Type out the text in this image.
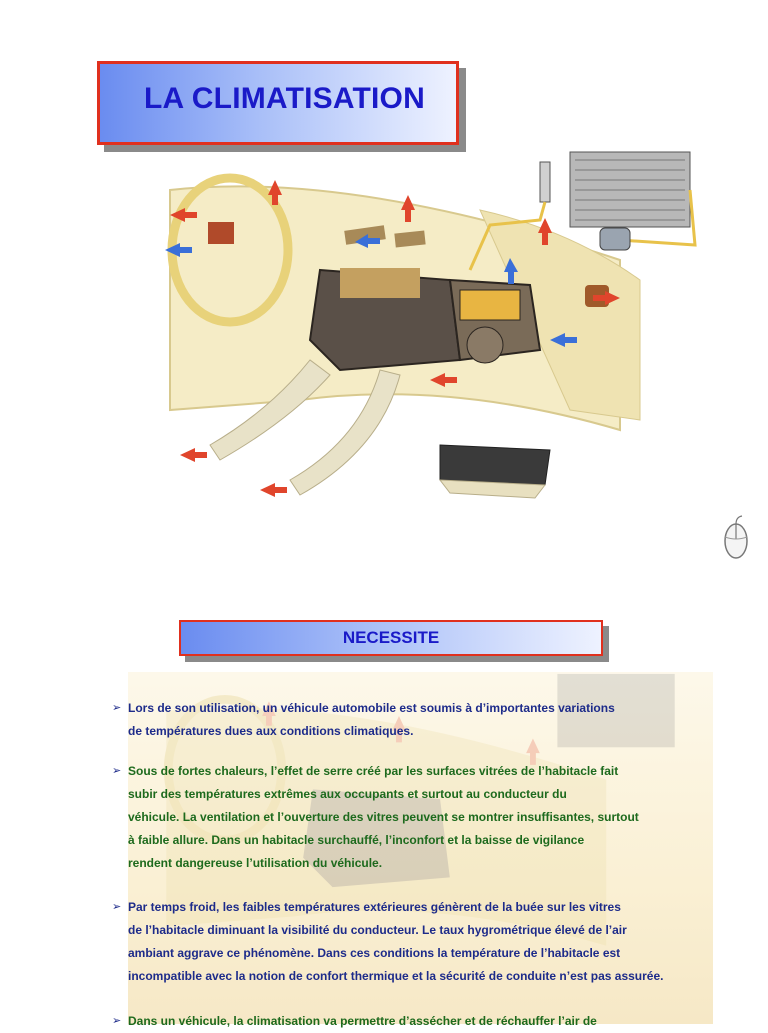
LA CLIMATISATION
NECESSITE
➢ Lors de son utilisation, un véhicule automobile est soumis à d’importantes variations
de températures dues aux conditions climatiques.
➢ Sous de fortes chaleurs, l’effet de serre créé par les surfaces vitrées de l’habitacle fait
subir des températures extrêmes aux occupants et surtout au conducteur du
véhicule. La ventilation et l’ouverture des vitres peuvent se montrer insuffisantes, surtout
à faible allure. Dans un habitacle surchauffé, l’inconfort et la baisse de vigilance
rendent dangereuse l’utilisation du véhicule.
➢ Par temps froid, les faibles températures extérieures génèrent de la buée sur les vitres
de l’habitacle diminuant la visibilité du conducteur. Le taux hygrométrique élevé de l’air
ambiant aggrave ce phénomène. Dans ces conditions la température de l’habitacle est
incompatible avec la notion de confort thermique et la sécurité de conduite n’est pas assurée.
➢ Dans un véhicule, la climatisation va permettre d’assécher et de réchauffer l’air de
